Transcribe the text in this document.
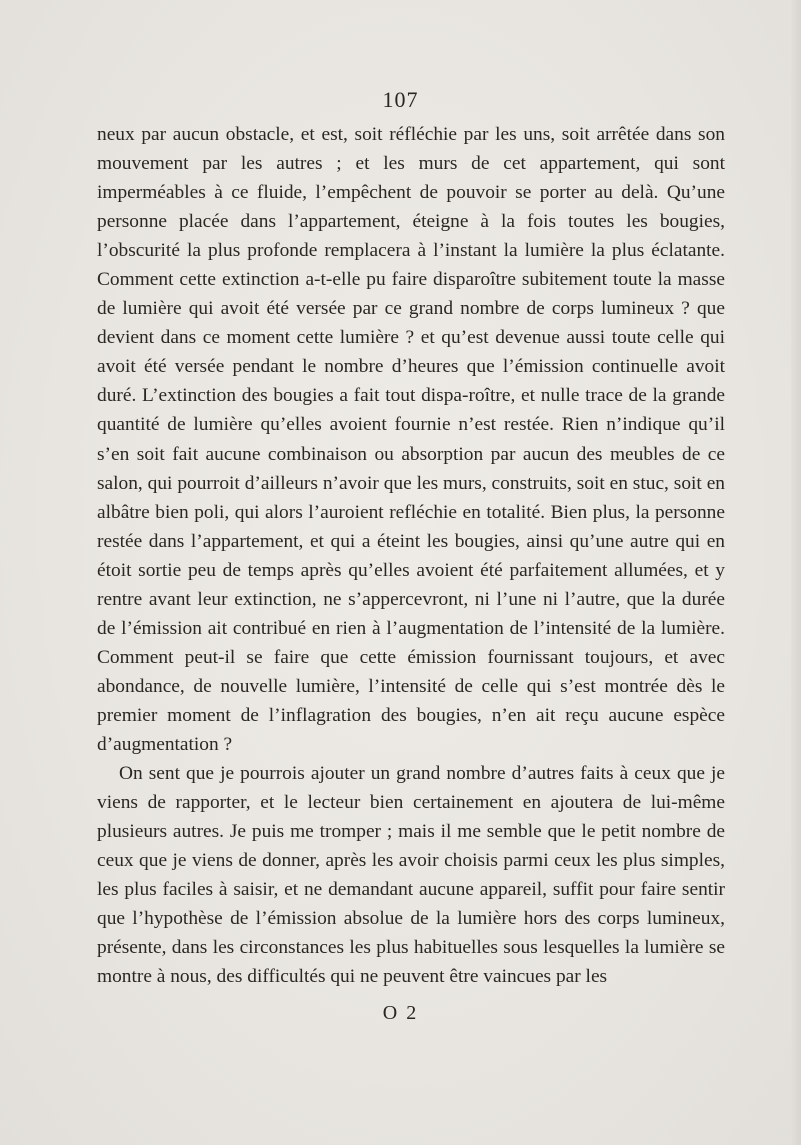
107

neux par aucun obstacle, et est, soit réfléchie par les uns, soit arrêtée dans son mouvement par les autres ; et les murs de cet appartement, qui sont imperméables à ce fluide, l’empêchent de pouvoir se porter au delà. Qu’une personne placée dans l’appartement, éteigne à la fois toutes les bougies, l’obscurité la plus profonde remplacera à l’instant la lumière la plus éclatante. Comment cette extinction a-t-elle pu faire disparoître subitement toute la masse de lumière qui avoit été versée par ce grand nombre de corps lumineux ? que devient dans ce moment cette lumière ? et qu’est devenue aussi toute celle qui avoit été versée pendant le nombre d’heures que l’émission continuelle avoit duré. L’extinction des bougies a fait tout dispa-roître, et nulle trace de la grande quantité de lumière qu’elles avoient fournie n’est restée. Rien n’indique qu’il s’en soit fait aucune combinaison ou absorption par aucun des meubles de ce salon, qui pourroit d’ailleurs n’avoir que les murs, construits, soit en stuc, soit en albâtre bien poli, qui alors l’auroient refléchie en totalité. Bien plus, la personne restée dans l’appartement, et qui a éteint les bougies, ainsi qu’une autre qui en étoit sortie peu de temps après qu’elles avoient été parfaitement allumées, et y rentre avant leur extinction, ne s’appercevront, ni l’une ni l’autre, que la durée de l’émission ait contribué en rien à l’augmentation de l’intensité de la lumière. Comment peut-il se faire que cette émission fournissant toujours, et avec abondance, de nouvelle lumière, l’intensité de celle qui s’est montrée dès le premier moment de l’inflagration des bougies, n’en ait reçu aucune espèce d’augmentation ?

On sent que je pourrois ajouter un grand nombre d’autres faits à ceux que je viens de rapporter, et le lecteur bien certainement en ajoutera de lui-même plusieurs autres. Je puis me tromper ; mais il me semble que le petit nombre de ceux que je viens de donner, après les avoir choisis parmi ceux les plus simples, les plus faciles à saisir, et ne demandant aucune appareil, suffit pour faire sentir que l’hypothèse de l’émission absolue de la lumière hors des corps lumineux, présente, dans les circonstances les plus habituelles sous lesquelles la lumière se montre à nous, des difficultés qui ne peuvent être vaincues par les

O 2
